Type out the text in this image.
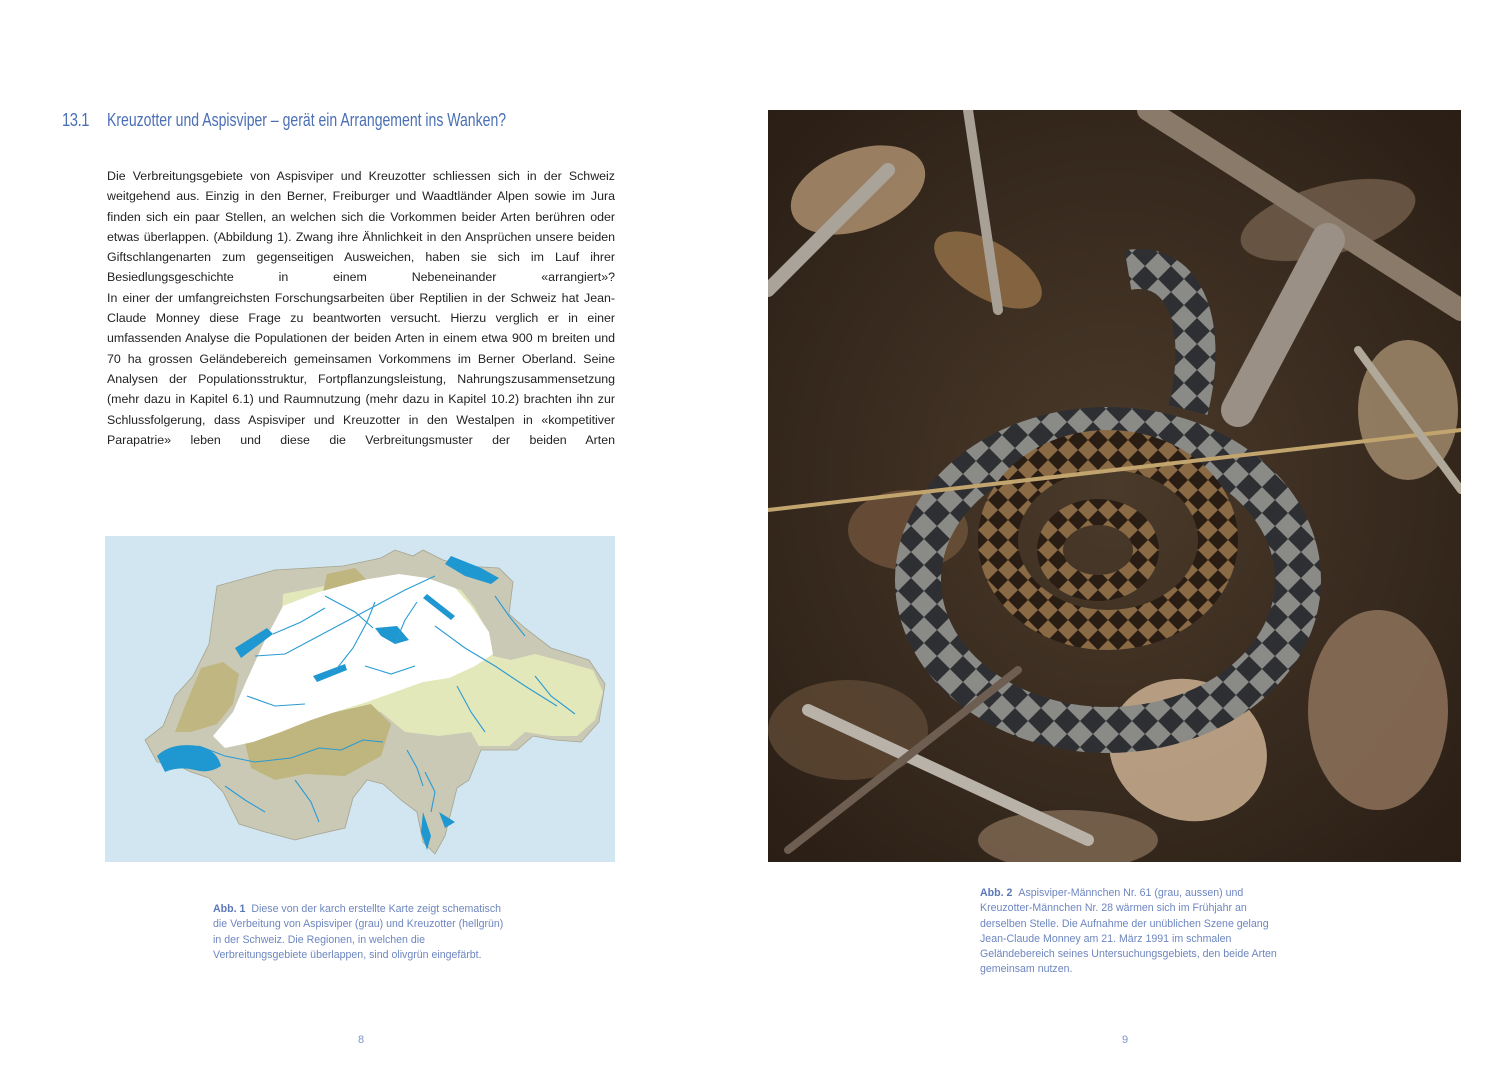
13.1 Kreuzotter und Aspisviper – gerät ein Arrangement ins Wanken?

Die Verbreitungsgebiete von Aspisviper und Kreuzotter schliessen sich in der Schweiz weitgehend aus. Einzig in den Berner, Freiburger und Waadtländer Alpen sowie im Jura finden sich ein paar Stellen, an welchen sich die Vorkommen beider Arten berühren oder etwas überlappen. (Abbildung 1). Zwang ihre Ähnlichkeit in den Ansprüchen unsere beiden Giftschlangenarten zum gegenseitigen Ausweichen, haben sie sich im Lauf ihrer Besiedlungsgeschichte in einem Nebeneinander «arrangiert»?

In einer der umfangreichsten Forschungsarbeiten über Reptilien in der Schweiz hat Jean-Claude Monney diese Frage zu beantworten versucht. Hierzu verglich er in einer umfassenden Analyse die Populationen der beiden Arten in einem etwa 900 m breiten und 70 ha grossen Geländebereich gemeinsamen Vorkommens im Berner Oberland. Seine Analysen der Populationsstruktur, Fortpflanzungsleistung, Nahrungszusammensetzung (mehr dazu in Kapitel 6.1) und Raumnutzung (mehr dazu in Kapitel 10.2) brachten ihn zur Schlussfolgerung, dass Aspisviper und Kreuzotter in den Westalpen in «kompetitiver Parapatrie» leben und diese die Verbreitungsmuster der beiden Arten

Abb. 1 Diese von der karch erstellte Karte zeigt schematisch die Verbeitung von Aspisviper (grau) und Kreuzotter (hellgrün) in der Schweiz. Die Regionen, in welchen die Verbreitungsgebiete überlappen, sind olivgrün eingefärbt.
8
Abb. 2 Aspisviper-Männchen Nr. 61 (grau, aussen) und Kreuzotter-Männchen Nr. 28 wärmen sich im Frühjahr an derselben Stelle. Die Aufnahme der unüblichen Szene gelang Jean-Claude Monney am 21. März 1991 im schmalen Geländebereich seines Untersuchungsgebiets, den beide Arten gemeinsam nutzen.
9
